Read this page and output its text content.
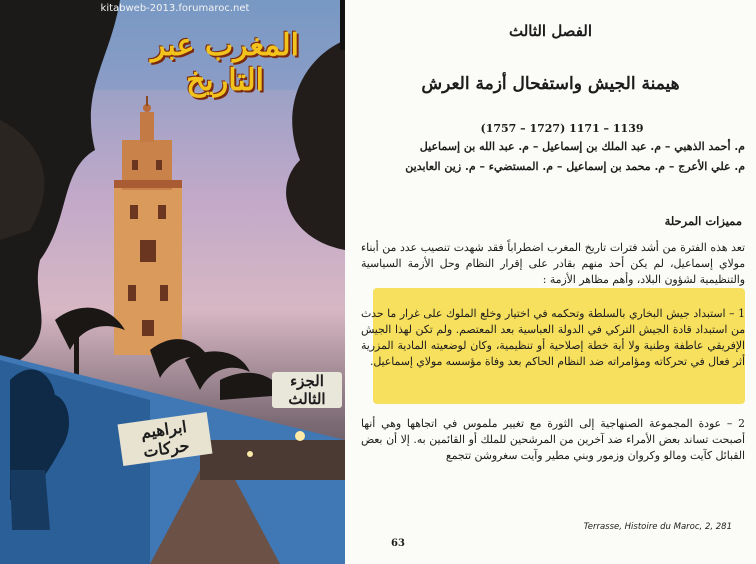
kitabweb-2013.forumaroc.net
المغرب عبر التاريخ
الجزء الثالث
ابراهيم حركات
الفصل الثالث
هيمنة الجيش واستفحال أزمة العرش
(1757 – 1727) 1171 – 1139
م. أحمد الذهبي – م. عبد الملك بن إسماعيل – م. عبد الله بن إسماعيل
م. علي الأعرج – م. محمد بن إسماعيل – م. المستضيء – م. زين العابدين
مميزات المرحلة
تعد هذه الفترة من أشد فترات تاريخ المغرب اضطراباً فقد شهدت تنصيب عدد من أبناء مولاي إسماعيل، لم يكن أحد منهم بقادر على إقرار النظام وحل الأزمة السياسية والتنظيمية لشؤون البلاد، وأهم مظاهر الأزمة :
1 – استبداد جيش البخاري بالسلطة وتحكمه في اختيار وخلع الملوك على غرار ما حدث من استبداد قادة الجيش التركي في الدولة العباسية بعد المعتصم. ولم تكن لهذا الجيش الإفريقي عاطفة وطنية ولا أية خطة إصلاحية أو تنظيمية، وكان لوضعيته المادية المزرية أثر فعال في تحركاته ومؤامراته ضد النظام الحاكم بعد وفاة مؤسسه مولاي إسماعيل.
2 – عودة المجموعة الصنهاجية إلى الثورة مع تغيير ملموس في اتجاهها وهي أنها أصبحت تساند بعض الأمراء ضد آخرين من المرشحين للملك أو القائمين به. إلا أن بعض القبائل كآيت ومالو وكروان وزمور وبني مطير وآيت سغروشن تتجمع
Terrasse, Histoire du Maroc, 2, 281
63
